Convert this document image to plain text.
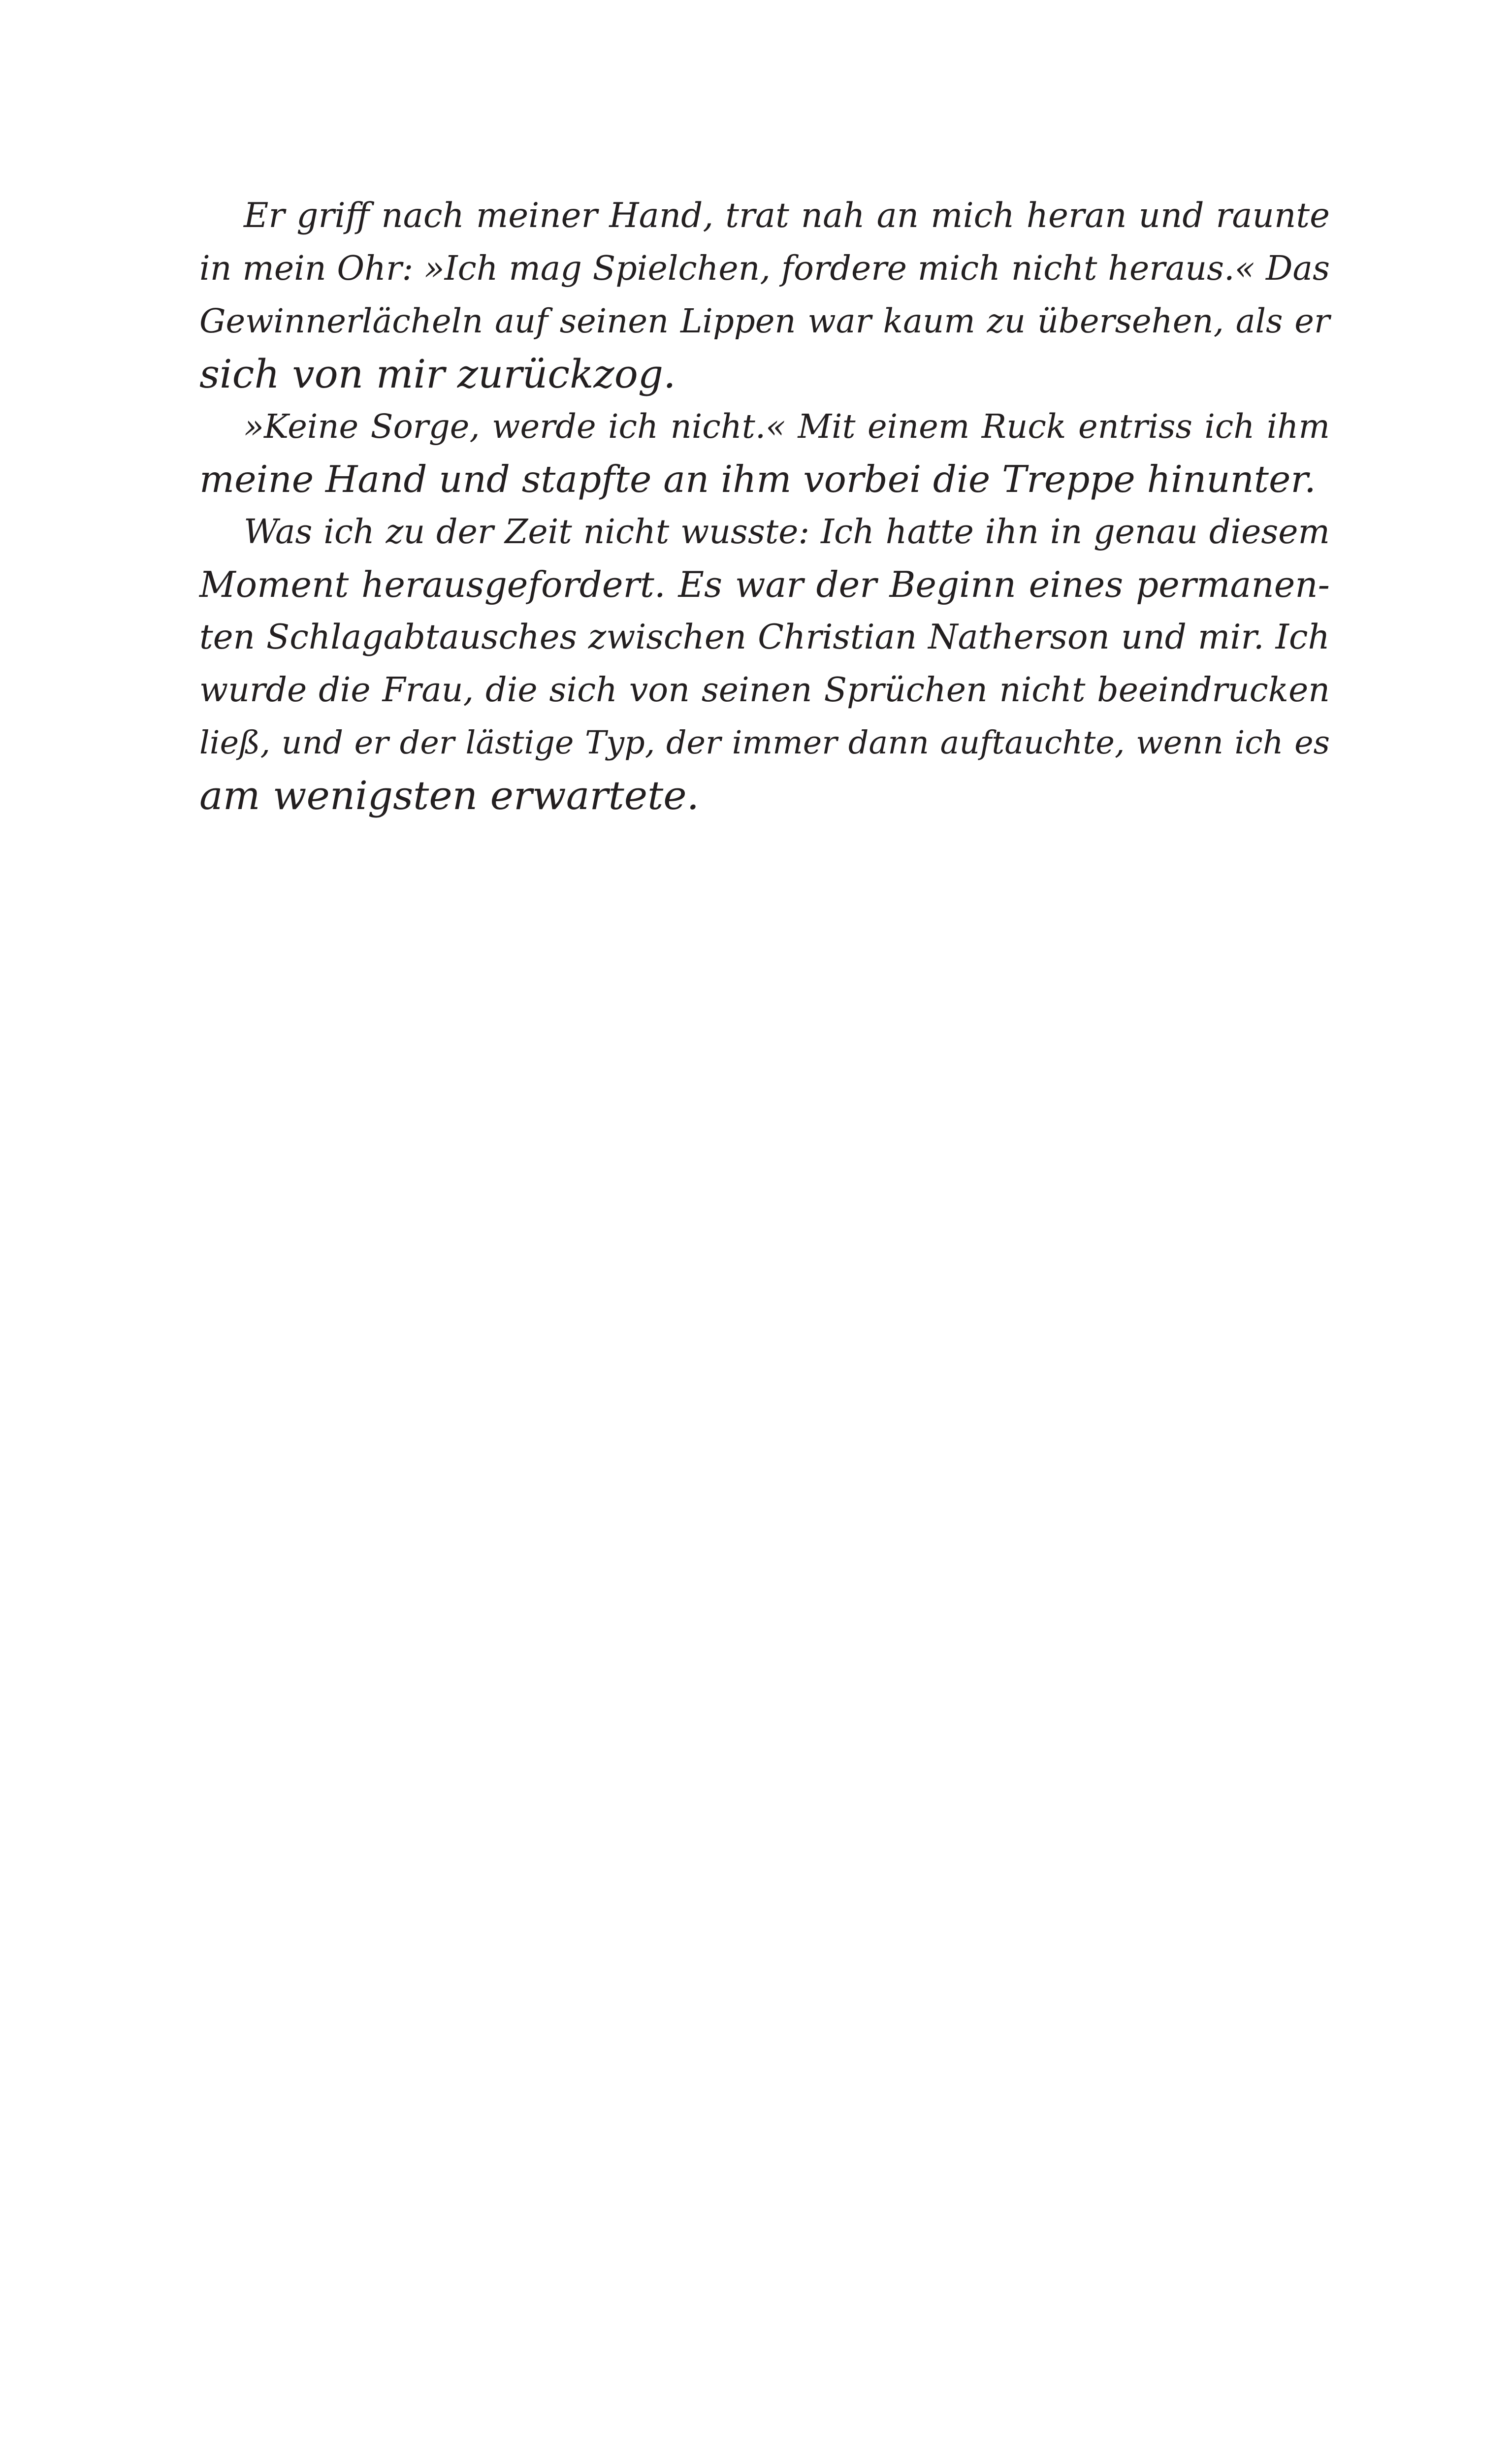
Er griff nach meiner Hand, trat nah an mich heran und raunte
in mein Ohr: »Ich mag Spielchen, fordere mich nicht heraus.« Das
Gewinnerlächeln auf seinen Lippen war kaum zu übersehen, als er
sich von mir zurückzog.
»Keine Sorge, werde ich nicht.« Mit einem Ruck entriss ich ihm
meine Hand und stapfte an ihm vorbei die Treppe hinunter.
Was ich zu der Zeit nicht wusste: Ich hatte ihn in genau diesem
Moment herausgefordert. Es war der Beginn eines permanen-
ten Schlagabtausches zwischen Christian Natherson und mir. Ich
wurde die Frau, die sich von seinen Sprüchen nicht beeindrucken
ließ, und er der lästige Typ, der immer dann auftauchte, wenn ich es
am wenigsten erwartete.
